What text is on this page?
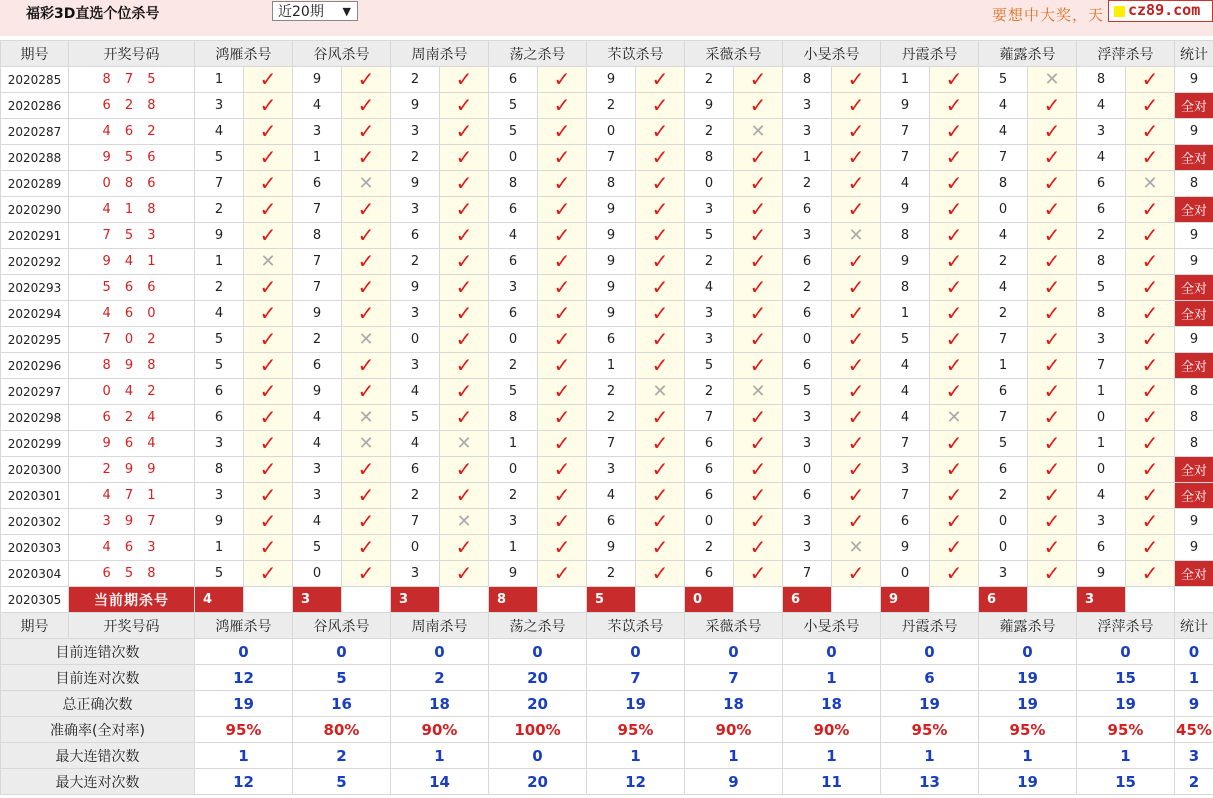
福彩3D直选个位杀号	近20期 ▼	要想中大奖，天 cz89.com
期号	开奖号码	鸿雁杀号		谷风杀号		周南杀号		荡之杀号		芣苡杀号		采薇杀号		小旻杀号		丹霞杀号		蕹露杀号		浮萍杀号		统计
2020285	8 7 5	1	✓	9	✓	2	✓	6	✓	9	✓	2	✓	8	✓	1	✓	5	✕	8	✓	9
2020286	6 2 8	3	✓	4	✓	9	✓	5	✓	2	✓	9	✓	3	✓	9	✓	4	✓	4	✓	全对
2020287	4 6 2	4	✓	3	✓	3	✓	5	✓	0	✓	2	✕	3	✓	7	✓	4	✓	3	✓	9
2020288	9 5 6	5	✓	1	✓	2	✓	0	✓	7	✓	8	✓	1	✓	7	✓	7	✓	4	✓	全对
2020289	0 8 6	7	✓	6	✕	9	✓	8	✓	8	✓	0	✓	2	✓	4	✓	8	✓	6	✕	8
2020290	4 1 8	2	✓	7	✓	3	✓	6	✓	9	✓	3	✓	6	✓	9	✓	0	✓	6	✓	全对
2020291	7 5 3	9	✓	8	✓	6	✓	4	✓	9	✓	5	✓	3	✕	8	✓	4	✓	2	✓	9
2020292	9 4 1	1	✕	7	✓	2	✓	6	✓	9	✓	2	✓	6	✓	9	✓	2	✓	8	✓	9
2020293	5 6 6	2	✓	7	✓	9	✓	3	✓	9	✓	4	✓	2	✓	8	✓	4	✓	5	✓	全对
2020294	4 6 0	4	✓	9	✓	3	✓	6	✓	9	✓	3	✓	6	✓	1	✓	2	✓	8	✓	全对
2020295	7 0 2	5	✓	2	✕	0	✓	0	✓	6	✓	3	✓	0	✓	5	✓	7	✓	3	✓	9
2020296	8 9 8	5	✓	6	✓	3	✓	2	✓	1	✓	5	✓	6	✓	4	✓	1	✓	7	✓	全对
2020297	0 4 2	6	✓	9	✓	4	✓	5	✓	2	✕	2	✕	5	✓	4	✓	6	✓	1	✓	8
2020298	6 2 4	6	✓	4	✕	5	✓	8	✓	2	✓	7	✓	3	✓	4	✕	7	✓	0	✓	8
2020299	9 6 4	3	✓	4	✕	4	✕	1	✓	7	✓	6	✓	3	✓	7	✓	5	✓	1	✓	8
2020300	2 9 9	8	✓	3	✓	6	✓	0	✓	3	✓	6	✓	0	✓	3	✓	6	✓	0	✓	全对
2020301	4 7 1	3	✓	3	✓	2	✓	2	✓	4	✓	6	✓	6	✓	7	✓	2	✓	4	✓	全对
2020302	3 9 7	9	✓	4	✓	7	✕	3	✓	6	✓	0	✓	3	✓	6	✓	0	✓	3	✓	9
2020303	4 6 3	1	✓	5	✓	0	✓	1	✓	9	✓	2	✓	3	✕	9	✓	0	✓	6	✓	9
2020304	6 5 8	5	✓	0	✓	3	✓	9	✓	2	✓	6	✓	7	✓	0	✓	3	✓	9	✓	全对
2020305	当前期杀号	4		3		3		8		5		0		6		9		6		3		
期号	开奖号码	鸿雁杀号		谷风杀号		周南杀号		荡之杀号		芣苡杀号		采薇杀号		小旻杀号		丹霞杀号		蕹露杀号		浮萍杀号		统计
目前连错次数		0		0		0		0		0		0		0		0		0		0		0
目前连对次数		12		5		2		20		7		7		1		6		19		15		1
总正确次数		19		16		18		20		19		18		18		19		19		19		9
准确率(全对率)		95%		80%		90%		100%		95%		90%		90%		95%		95%		95%		45%
最大连错次数		1		2		1		0		1		1		1		1		1		1		3
最大连对次数		12		5		14		20		12		9		11		13		19		15		2
